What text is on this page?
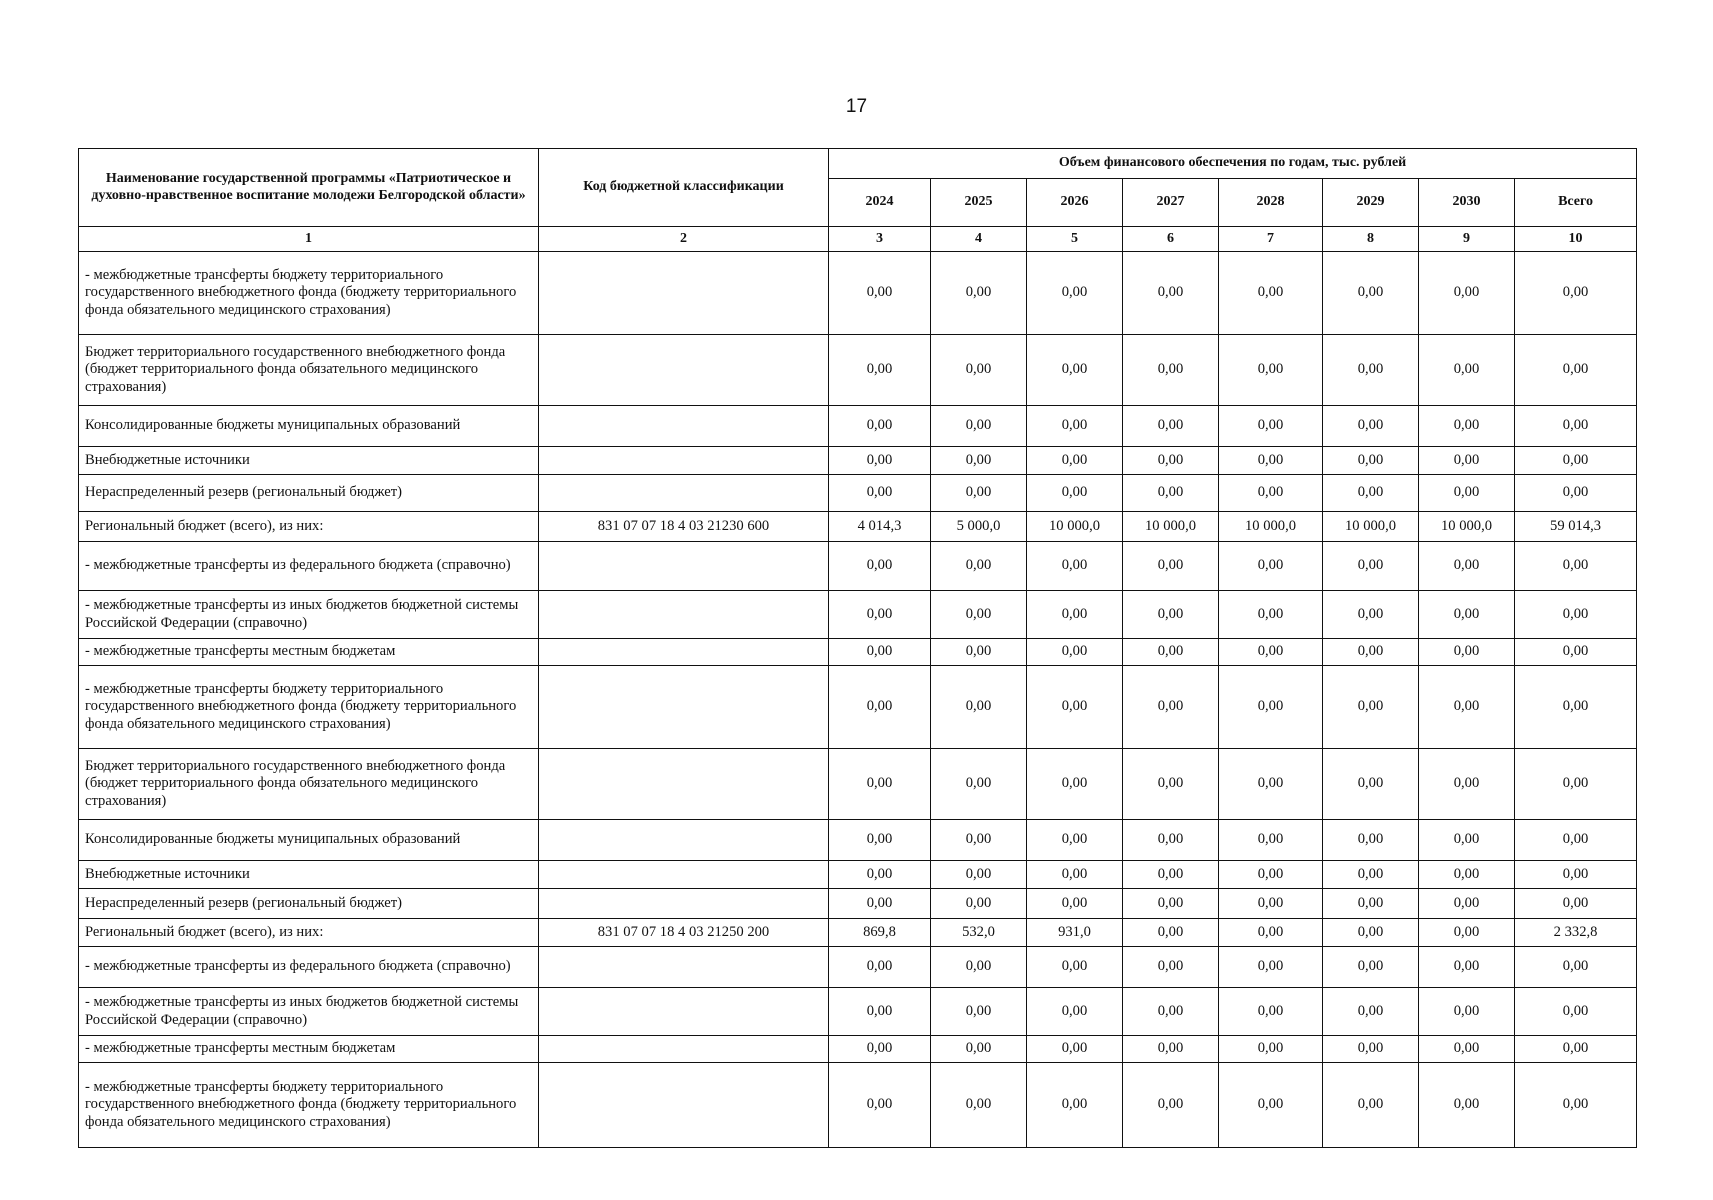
17
Наименование государственной программы «Патриотическое и духовно-нравственное воспитание молодежи Белгородской области»	Код бюджетной классификации	Объем финансового обеспечения по годам, тыс. рублей							
		2024	2025	2026	2027	2028	2029	2030	Всего
1	2	3	4	5	6	7	8	9	10
- межбюджетные трансферты бюджету территориального государственного внебюджетного фонда (бюджету территориального фонда обязательного медицинского страхования)		0,00	0,00	0,00	0,00	0,00	0,00	0,00	0,00
Бюджет территориального государственного внебюджетного фонда (бюджет территориального фонда обязательного медицинского страхования)		0,00	0,00	0,00	0,00	0,00	0,00	0,00	0,00
Консолидированные бюджеты муниципальных образований		0,00	0,00	0,00	0,00	0,00	0,00	0,00	0,00
Внебюджетные источники		0,00	0,00	0,00	0,00	0,00	0,00	0,00	0,00
Нераспределенный резерв (региональный бюджет)		0,00	0,00	0,00	0,00	0,00	0,00	0,00	0,00
Региональный бюджет (всего), из них:	831 07 07 18 4 03 21230 600	4 014,3	5 000,0	10 000,0	10 000,0	10 000,0	10 000,0	10 000,0	59 014,3
- межбюджетные трансферты из федерального бюджета (справочно)		0,00	0,00	0,00	0,00	0,00	0,00	0,00	0,00
- межбюджетные трансферты из иных бюджетов бюджетной системы Российской Федерации (справочно)		0,00	0,00	0,00	0,00	0,00	0,00	0,00	0,00
- межбюджетные трансферты местным бюджетам		0,00	0,00	0,00	0,00	0,00	0,00	0,00	0,00
- межбюджетные трансферты бюджету территориального государственного внебюджетного фонда (бюджету территориального фонда обязательного медицинского страхования)		0,00	0,00	0,00	0,00	0,00	0,00	0,00	0,00
Бюджет территориального государственного внебюджетного фонда (бюджет территориального фонда обязательного медицинского страхования)		0,00	0,00	0,00	0,00	0,00	0,00	0,00	0,00
Консолидированные бюджеты муниципальных образований		0,00	0,00	0,00	0,00	0,00	0,00	0,00	0,00
Внебюджетные источники		0,00	0,00	0,00	0,00	0,00	0,00	0,00	0,00
Нераспределенный резерв (региональный бюджет)		0,00	0,00	0,00	0,00	0,00	0,00	0,00	0,00
Региональный бюджет (всего), из них:	831 07 07 18 4 03 21250 200	869,8	532,0	931,0	0,00	0,00	0,00	0,00	2 332,8
- межбюджетные трансферты из федерального бюджета (справочно)		0,00	0,00	0,00	0,00	0,00	0,00	0,00	0,00
- межбюджетные трансферты из иных бюджетов бюджетной системы Российской Федерации (справочно)		0,00	0,00	0,00	0,00	0,00	0,00	0,00	0,00
- межбюджетные трансферты местным бюджетам		0,00	0,00	0,00	0,00	0,00	0,00	0,00	0,00
- межбюджетные трансферты бюджету территориального государственного внебюджетного фонда (бюджету территориального фонда обязательного медицинского страхования)		0,00	0,00	0,00	0,00	0,00	0,00	0,00	0,00
